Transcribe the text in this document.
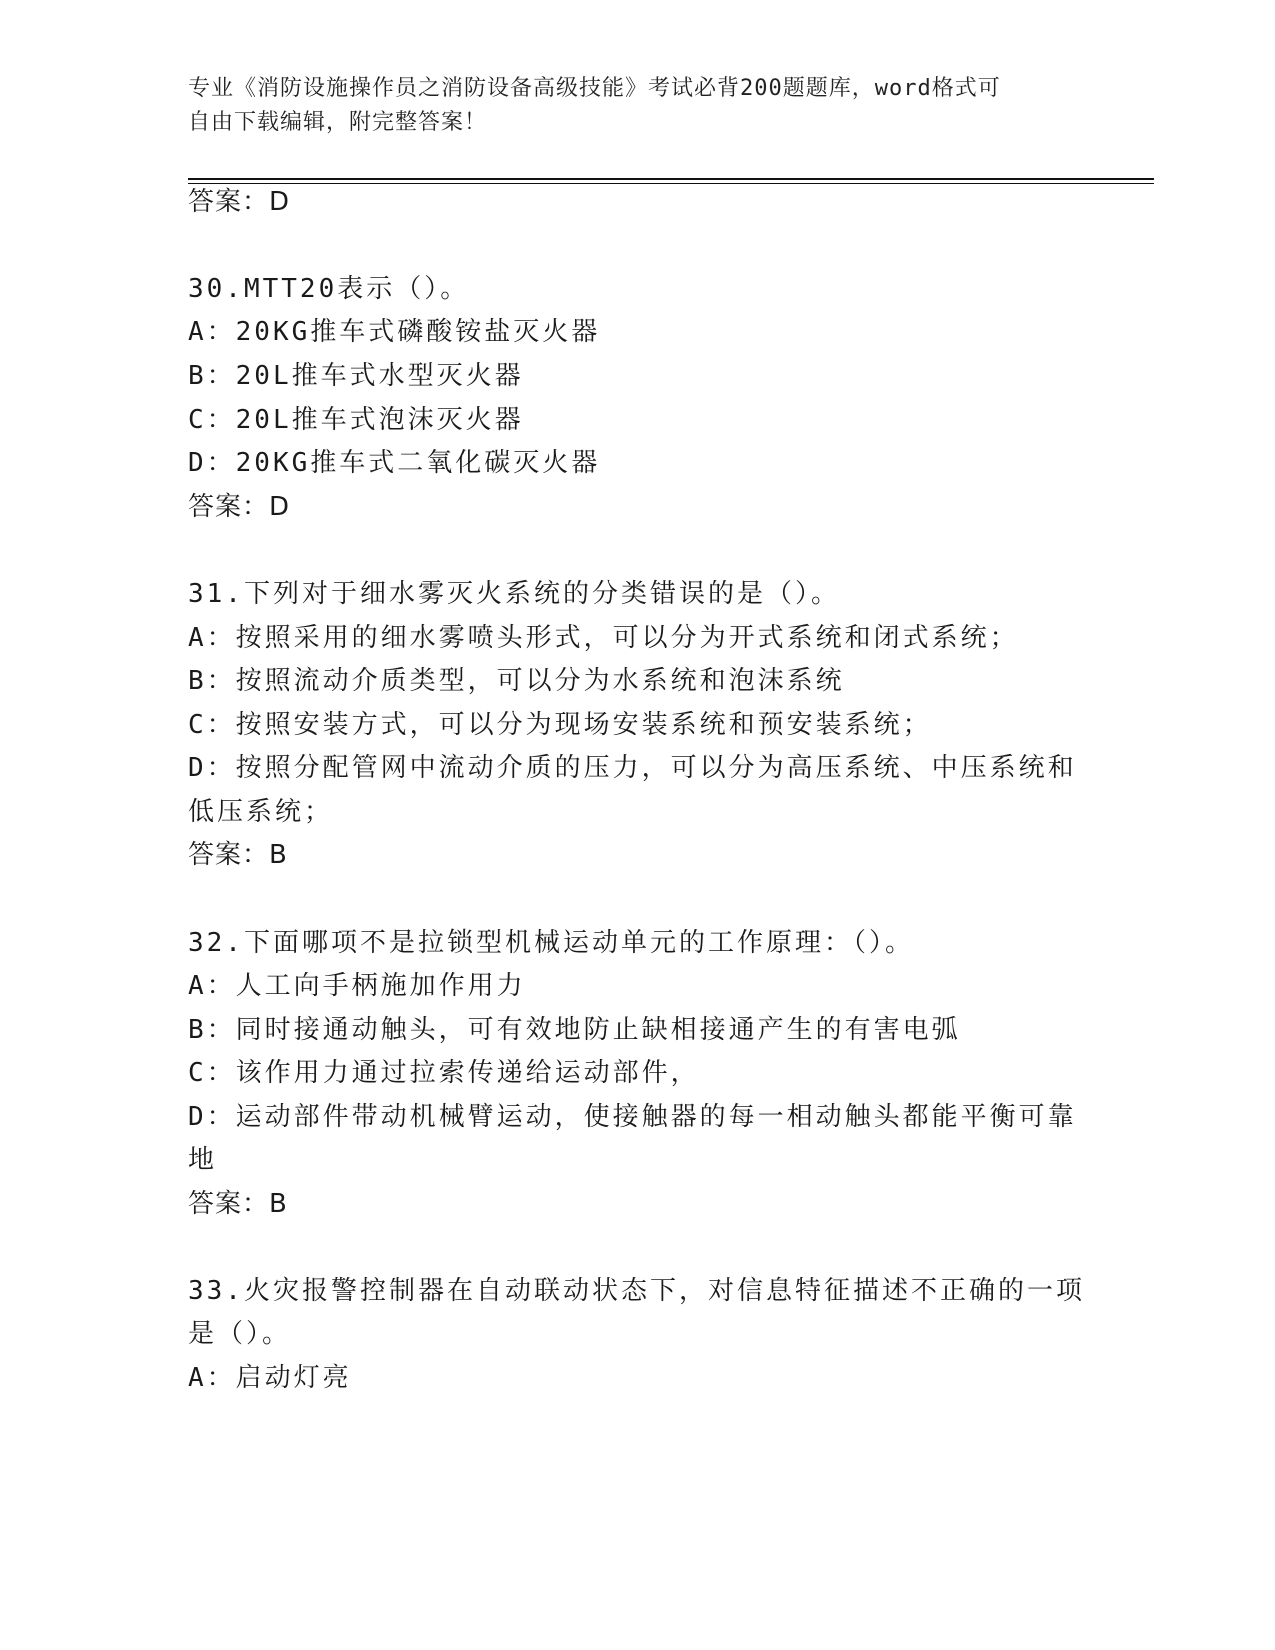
专业《消防设施操作员之消防设备高级技能》考试必背200题题库，word格式可
自由下载编辑，附完整答案！
答案：D
30.MTT20表示（）。
A：20KG推车式磷酸铵盐灭火器
B：20L推车式水型灭火器
C：20L推车式泡沫灭火器
D：20KG推车式二氧化碳灭火器
答案：D
31.下列对于细水雾灭火系统的分类错误的是（）。
A：按照采用的细水雾喷头形式，可以分为开式系统和闭式系统；
B：按照流动介质类型，可以分为水系统和泡沫系统
C：按照安装方式，可以分为现场安装系统和预安装系统；
D：按照分配管网中流动介质的压力，可以分为高压系统、中压系统和
低压系统；
答案：B
32.下面哪项不是拉锁型机械运动单元的工作原理：（）。
A：人工向手柄施加作用力
B：同时接通动触头，可有效地防止缺相接通产生的有害电弧
C：该作用力通过拉索传递给运动部件，
D：运动部件带动机械臂运动，使接触器的每一相动触头都能平衡可靠
地
答案：B
33.火灾报警控制器在自动联动状态下，对信息特征描述不正确的一项
是（）。
A：启动灯亮
